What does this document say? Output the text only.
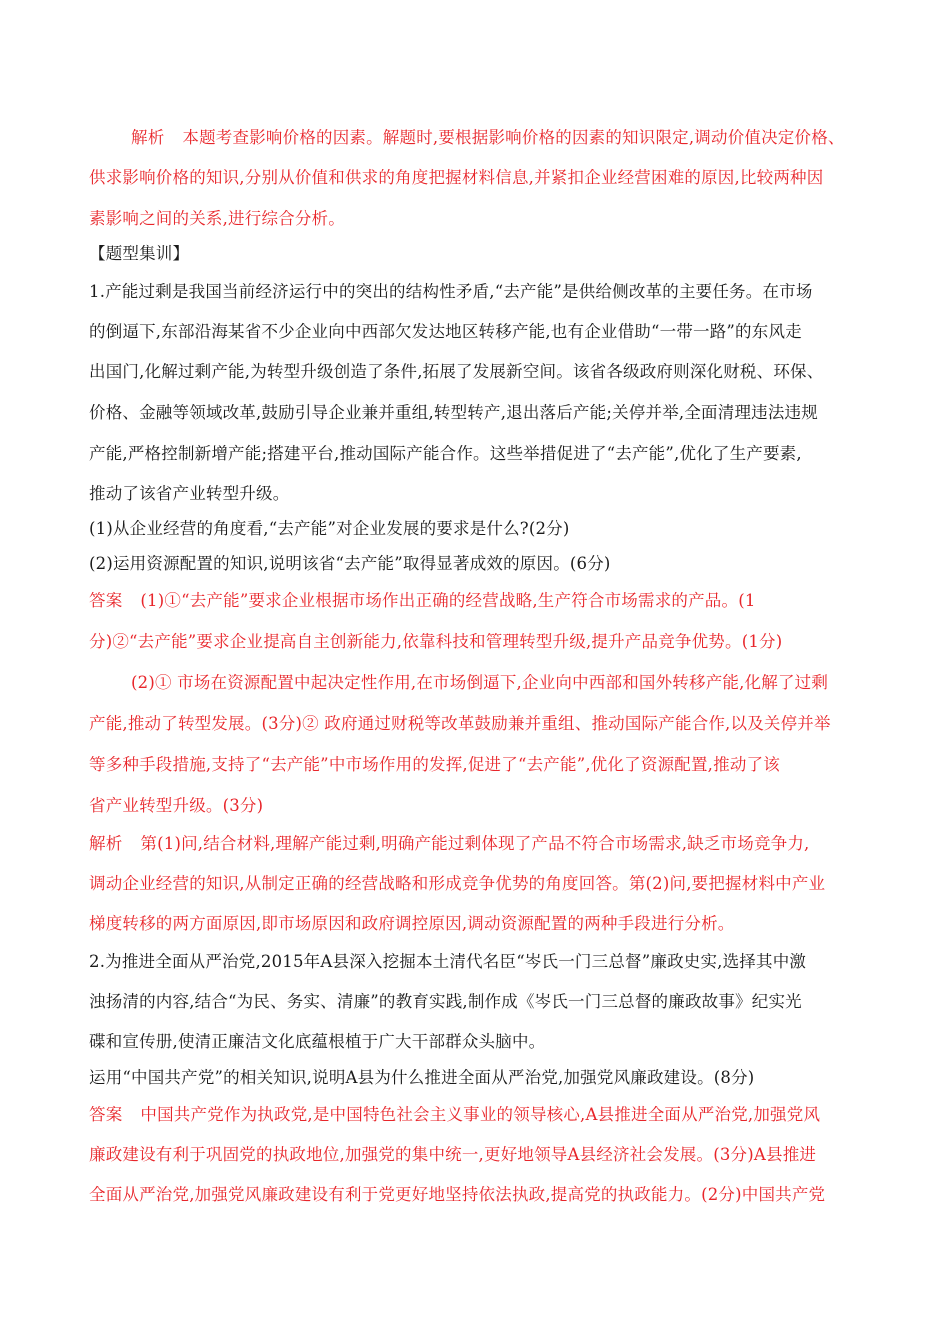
解析 本题考查影响价格的因素。解题时,要根据影响价格的因素的知识限定,调动价值决定价格、
供求影响价格的知识,分别从价值和供求的角度把握材料信息,并紧扣企业经营困难的原因,比较两种因
素影响之间的关系,进行综合分析。
【题型集训】
1.产能过剩是我国当前经济运行中的突出的结构性矛盾,“去产能”是供给侧改革的主要任务。在市场
的倒逼下,东部沿海某省不少企业向中西部欠发达地区转移产能,也有企业借助“一带一路”的东风走
出国门,化解过剩产能,为转型升级创造了条件,拓展了发展新空间。该省各级政府则深化财税、环保、
价格、金融等领域改革,鼓励引导企业兼并重组,转型转产,退出落后产能;关停并举,全面清理违法违规
产能,严格控制新增产能;搭建平台,推动国际产能合作。这些举措促进了“去产能”,优化了生产要素,
推动了该省产业转型升级。
(1)从企业经营的角度看,“去产能”对企业发展的要求是什么?(2分)
(2)运用资源配置的知识,说明该省“去产能”取得显著成效的原因。(6分)
答案 (1)①“去产能”要求企业根据市场作出正确的经营战略,生产符合市场需求的产品。(1
分)②“去产能”要求企业提高自主创新能力,依靠科技和管理转型升级,提升产品竞争优势。(1分)
(2)① 市场在资源配置中起决定性作用,在市场倒逼下,企业向中西部和国外转移产能,化解了过剩
产能,推动了转型发展。(3分)② 政府通过财税等改革鼓励兼并重组、推动国际产能合作,以及关停并举
等多种手段措施,支持了“去产能”中市场作用的发挥,促进了“去产能”,优化了资源配置,推动了该
省产业转型升级。(3分)
解析 第(1)问,结合材料,理解产能过剩,明确产能过剩体现了产品不符合市场需求,缺乏市场竞争力,
调动企业经营的知识,从制定正确的经营战略和形成竞争优势的角度回答。第(2)问,要把握材料中产业
梯度转移的两方面原因,即市场原因和政府调控原因,调动资源配置的两种手段进行分析。
2.为推进全面从严治党,2015年A县深入挖掘本土清代名臣“岑氏一门三总督”廉政史实,选择其中激
浊扬清的内容,结合“为民、务实、清廉”的教育实践,制作成《岑氏一门三总督的廉政故事》纪实光
碟和宣传册,使清正廉洁文化底蕴根植于广大干部群众头脑中。
运用“中国共产党”的相关知识,说明A县为什么推进全面从严治党,加强党风廉政建设。(8分)
答案 中国共产党作为执政党,是中国特色社会主义事业的领导核心,A县推进全面从严治党,加强党风
廉政建设有利于巩固党的执政地位,加强党的集中统一,更好地领导A县经济社会发展。(3分)A县推进
全面从严治党,加强党风廉政建设有利于党更好地坚持依法执政,提高党的执政能力。(2分)中国共产党
